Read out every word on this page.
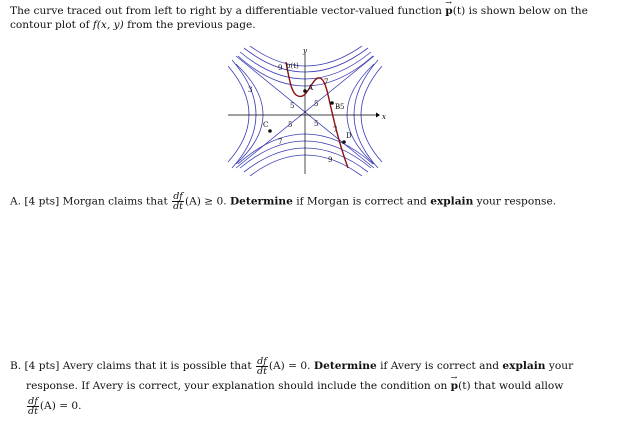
The curve traced out from left to right by a differentiable vector-valued function → p(t) is shown below on the contour plot of f(x, y) from the previous page.
x
y
9
3
5
7
5
7
5	5
5
7
9
p(t)
A
B
C
D
A. [4 pts] Morgan claims that $\frac{df}{dt} (A) \ge 0$. Determine if Morgan is correct and explain your response.
B. [4 pts] Avery claims that it is possible that $\frac{df}{dt} (A) = 0$. Determine if Avery is correct and explain your
response. If Avery is correct, your explanation should include the condition on → p(t) that would allow
$\frac{df}{dt} (A) = 0$.
